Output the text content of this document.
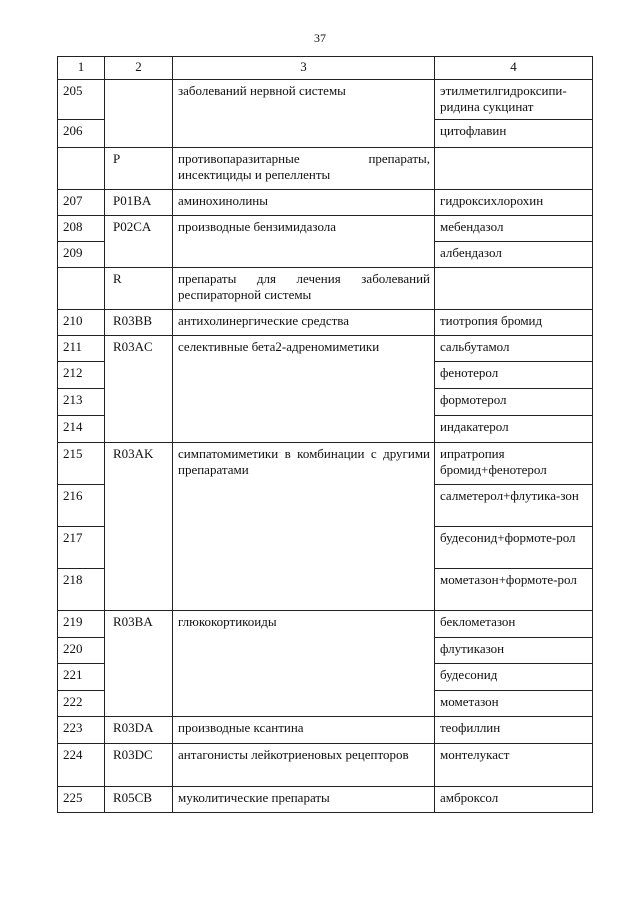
37
1	2	3	4
205		заболеваний нервной системы	этилметилгидроксипи-ридина сукцинат
206			цитофлавин
	P	противопаразитарные препараты, инсектициды и репелленты	
207	P01BA	аминохинолины	гидроксихлорохин
208	P02CA	производные бензимидазола	мебендазол
209			албендазол
	R	препараты для лечения заболеваний респираторной системы	
210	R03BB	антихолинергические средства	тиотропия бромид
211	R03AC	селективные бета2-адреномиметики	сальбутамол
212			фенотерол
213			формотерол
214			индакатерол
215	R03AK	симпатомиметики в комбинации с другими препаратами	ипратропия бромид+фенотерол
216			салметерол+флутика-зон
217			будесонид+формоте-рол
218			мометазон+формоте-рол
219	R03BA	глюкокортикоиды	беклометазон
220			флутиказон
221			будесонид
222			мометазон
223	R03DA	производные ксантина	теофиллин
224	R03DC	антагонисты лейкотриеновых рецепторов	монтелукаст
225	R05CB	муколитические препараты	амброксол
